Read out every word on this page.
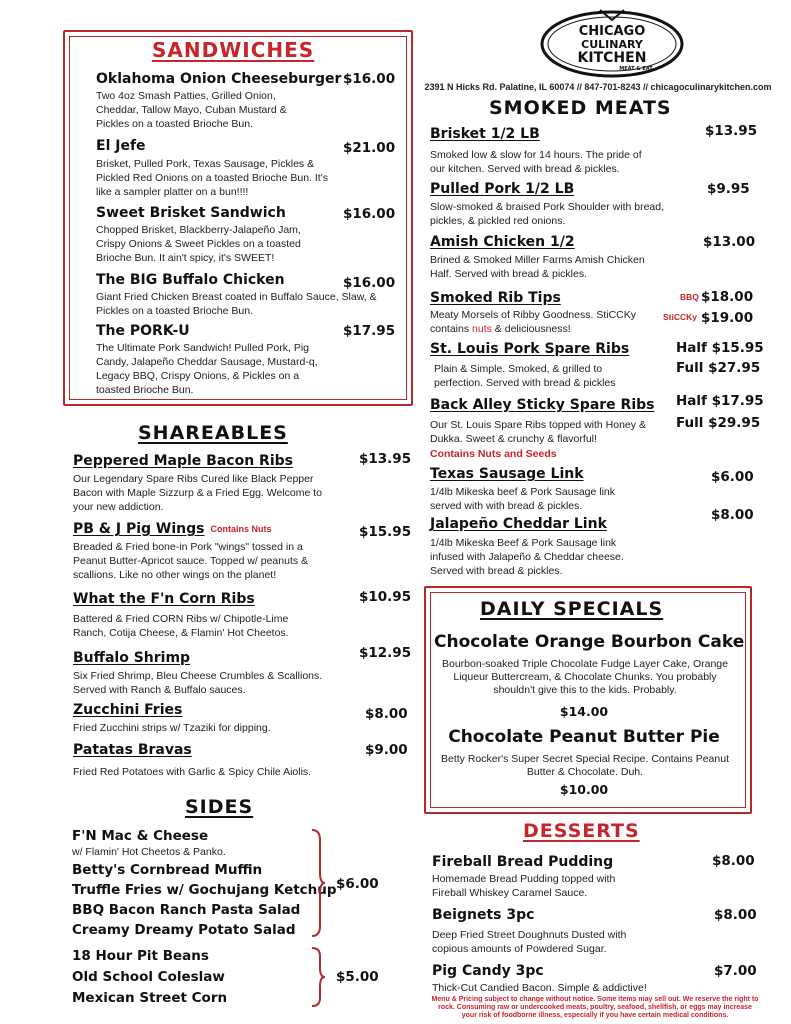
SANDWICHES
Oklahoma Onion Cheeseburger $16.00
Two 4oz Smash Patties, Grilled Onion, Cheddar, Tallow Mayo, Cuban Mustard & Pickles on a toasted Brioche Bun.
El Jefe	$21.00
Brisket, Pulled Pork, Texas Sausage, Pickles & Pickled Red Onions on a toasted Brioche Bun. It's like a sampler platter on a bun!!!!
Sweet Brisket Sandwich	$16.00
Chopped Brisket, Blackberry-Jalapeño Jam, Crispy Onions & Sweet Pickles on a toasted Brioche Bun. It ain't spicy, it's SWEET!
The BIG Buffalo Chicken	$16.00
Giant Fried Chicken Breast coated in Buffalo Sauce, Slaw, & Pickles on a toasted Brioche Bun.
The PORK-U	$17.95
The Ultimate Pork Sandwich! Pulled Pork, Pig Candy, Jalapeño Cheddar Sausage, Mustard-q, Legacy BBQ, Crispy Onions, & Pickles on a toasted Brioche Bun.
SHAREABLES
Peppered Maple Bacon Ribs	$13.95
Our Legendary Spare Ribs Cured like Black Pepper Bacon with Maple Sizzurp & a Fried Egg. Welcome to your new addiction.
PB & J Pig Wings Contains Nuts	$15.95
Breaded & Fried bone-in Pork "wings" tossed in a Peanut Butter-Apricot sauce. Topped w/ peanuts & scallions. Like no other wings on the planet!
What the F'n Corn Ribs	$10.95
Battered & Fried CORN Ribs w/ Chipotle-Lime Ranch, Cotija Cheese, & Flamin' Hot Cheetos.
Buffalo Shrimp	$12.95
Six Fried Shrimp, Bleu Cheese Crumbles & Scallions. Served with Ranch & Buffalo sauces.
Zucchini Fries	$8.00
Fried Zucchini strips w/ Tzaziki for dipping.
Patatas Bravas	$9.00
Fried Red Potatoes with Garlic & Spicy Chile Aiolis.
SIDES
F'N Mac & Cheese
w/ Flamin' Hot Cheetos & Panko.
Betty's Cornbread Muffin
Truffle Fries w/ Gochujang Ketchup
BBQ Bacon Ranch Pasta Salad
Creamy Dreamy Potato Salad
$6.00
18 Hour Pit Beans
Old School Coleslaw
Mexican Street Corn
$5.00
CHICAGO
CULINARY
KITCHEN
MEAT & EAT
2391 N Hicks Rd. Palatine, IL 60074 // 847-701-8243 // chicagoculinarykitchen.com
SMOKED MEATS
Brisket 1/2 LB	$13.95
Smoked low & slow for 14 hours. The pride of our kitchen. Served with bread & pickles.
Pulled Pork 1/2 LB	$9.95
Slow-smoked & braised Pork Shoulder with bread, pickles, & pickled red onions.
Amish Chicken 1/2	$13.00
Brined & Smoked Miller Farms Amish Chicken Half. Served with bread & pickles.
Smoked Rib Tips	BBQ $18.00
StiCCKy $19.00
Meaty Morsels of Ribby Goodness. StiCCKy contains nuts & deliciousness!
St. Louis Pork Spare Ribs	Half $15.95
Full $27.95
Plain & Simple. Smoked, & grilled to perfection. Served with bread & pickles
Back Alley Sticky Spare Ribs Half $17.95
Full $29.95
Our St. Louis Spare Ribs topped with Honey & Dukka. Sweet & crunchy & flavorful!
Contains Nuts and Seeds
Texas Sausage Link	$6.00
1/4lb Mikeska beef & Pork Sausage link served with with bread & pickles.
Jalapeño Cheddar Link
$8.00
1/4lb Mikeska Beef & Pork Sausage link infused with Jalapeño & Cheddar cheese. Served with bread & pickles.
DAILY SPECIALS
Chocolate Orange Bourbon Cake
Bourbon-soaked Triple Chocolate Fudge Layer Cake, Orange Liqueur Buttercream, & Chocolate Chunks. You probably shouldn't give this to the kids. Probably.
$14.00
Chocolate Peanut Butter Pie
Betty Rocker's Super Secret Special Recipe. Contains Peanut Butter & Chocolate. Duh.
$10.00
DESSERTS
Fireball Bread Pudding	$8.00
Homemade Bread Pudding topped with Fireball Whiskey Caramel Sauce.
Beignets 3pc	$8.00
Deep Fried Street Doughnuts Dusted with copious amounts of Powdered Sugar.
Pig Candy 3pc	$7.00
Thick-Cut Candied Bacon. Simple & addictive!
Menu & Pricing subject to change without notice. Some items may sell out. We reserve the right to rock. Consuming raw or undercooked meats, poultry, seafood, shellfish, or eggs may increase your risk of foodborne illness, especially if you have certain medical conditions.
